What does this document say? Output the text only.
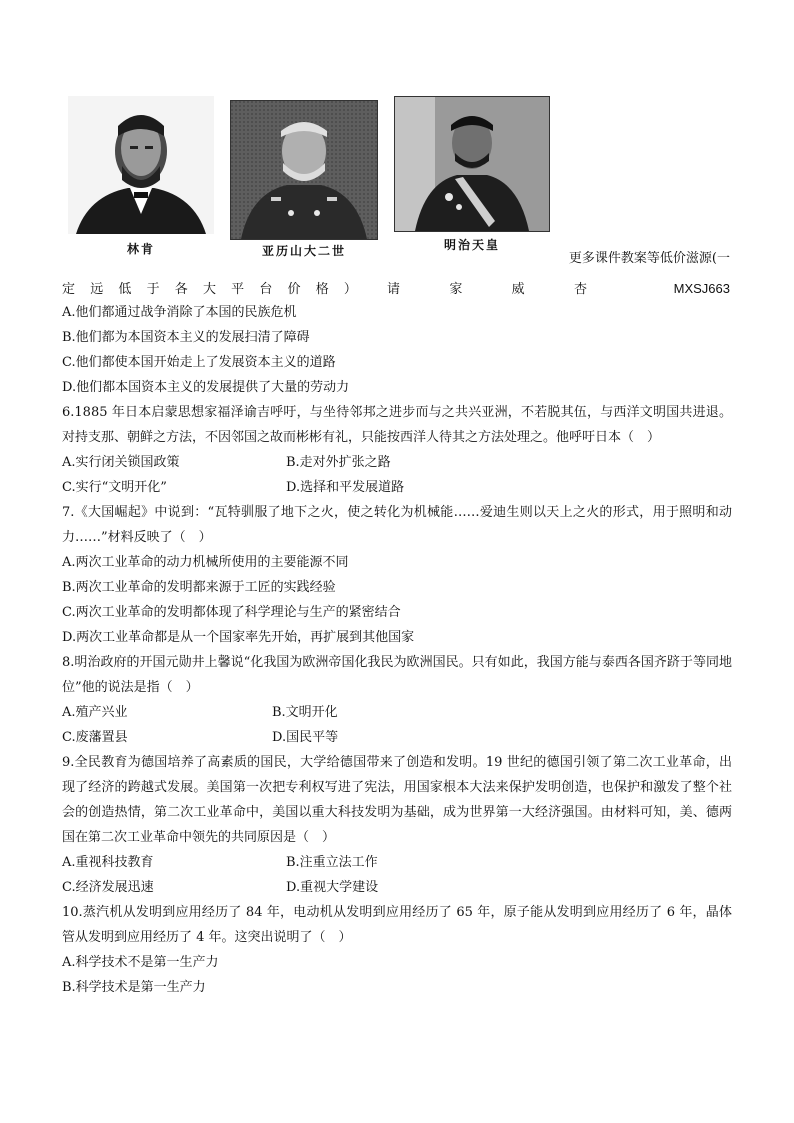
林肯	亚历山大二世	明治天皇
更多课件教案等低价滋源(一
定 远 低 于 各 大 平 台 价 格 ） 请	家	威	杏	MXSJ663

A.他们都通过战争消除了本国的民族危机

B.他们都为本国资本主义的发展扫清了障碍

C.他们都使本国开始走上了发展资本主义的道路

D.他们都本国资本主义的发展提供了大量的劳动力

6.1885 年日本启蒙思想家福泽谕吉呼吁，与坐待邻邦之进步而与之共兴亚洲，不若脱其伍，与西洋文明国共进退。对持支那、朝鲜之方法，不因邻国之故而彬彬有礼，只能按西洋人待其之方法处理之。他呼吁日本（　）

A.实行闭关锁国政策	B.走对外扩张之路
C.实行“文明开化”	D.选择和平发展道路

7.《大国崛起》中说到：“瓦特驯服了地下之火，使之转化为机械能……爱迪生则以天上之火的形式，用于照明和动力……”材料反映了（　）

A.两次工业革命的动力机械所使用的主要能源不同

B.两次工业革命的发明都来源于工匠的实践经验

C.两次工业革命的发明都体现了科学理论与生产的紧密结合

D.两次工业革命都是从一个国家率先开始，再扩展到其他国家

8.明治政府的开国元勋井上馨说“化我国为欧洲帝国化我民为欧洲国民。只有如此，我国方能与泰西各国齐跻于等同地位”他的说法是指（　）

A.殖产兴业	B.文明开化
C.废藩置县	D.国民平等

9.全民教育为德国培养了高素质的国民，大学给德国带来了创造和发明。19 世纪的德国引领了第二次工业革命，出现了经济的跨越式发展。美国第一次把专利权写进了宪法，用国家根本大法来保护发明创造，也保护和激发了整个社会的创造热情，第二次工业革命中，美国以重大科技发明为基础，成为世界第一大经济强国。由材料可知，美、德两国在第二次工业革命中领先的共同原因是（　）

A.重视科技教育	B.注重立法工作
C.经济发展迅速	D.重视大学建设

10.蒸汽机从发明到应用经历了 84 年，电动机从发明到应用经历了 65 年，原子能从发明到应用经历了 6 年，晶体管从发明到应用经历了 4 年。这突出说明了（　）

A.科学技术不是第一生产力

B.科学技术是第一生产力
